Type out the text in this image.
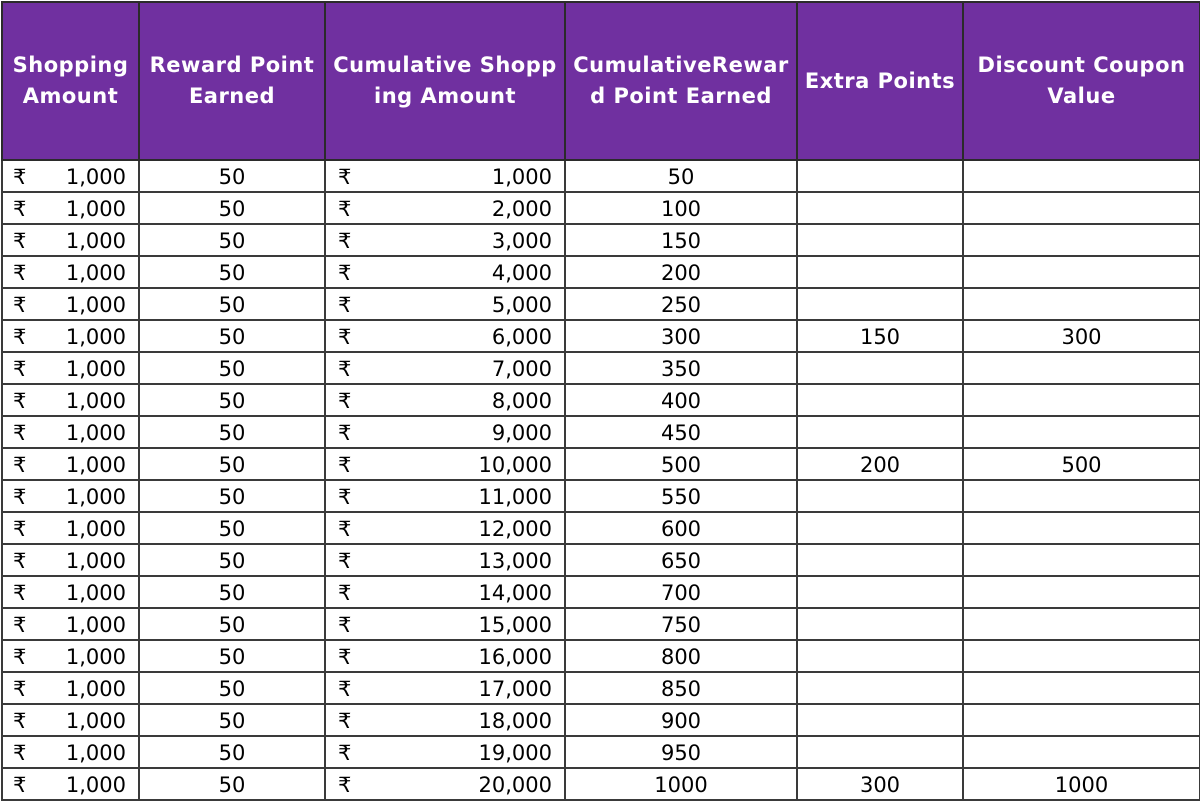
Shopping Amount	Reward Point Earned	Cumulative Shopping Amount	CumulativeReward Point Earned	Extra Points	Discount Coupon Value

₹ 1,000	50	₹ 1,000	50		

₹ 1,000	50	₹ 2,000	100		

₹ 1,000	50	₹ 3,000	150		

₹ 1,000	50	₹ 4,000	200		

₹ 1,000	50	₹ 5,000	250		

₹ 1,000	50	₹ 6,000	300	150	300

₹ 1,000	50	₹ 7,000	350		

₹ 1,000	50	₹ 8,000	400		

₹ 1,000	50	₹ 9,000	450		

₹ 1,000	50	₹ 10,000	500	200	500

₹ 1,000	50	₹ 11,000	550		

₹ 1,000	50	₹ 12,000	600		

₹ 1,000	50	₹ 13,000	650		

₹ 1,000	50	₹ 14,000	700		

₹ 1,000	50	₹ 15,000	750		

₹ 1,000	50	₹ 16,000	800		

₹ 1,000	50	₹ 17,000	850		

₹ 1,000	50	₹ 18,000	900		

₹ 1,000	50	₹ 19,000	950		

₹ 1,000	50	₹ 20,000	1000	300	1000
